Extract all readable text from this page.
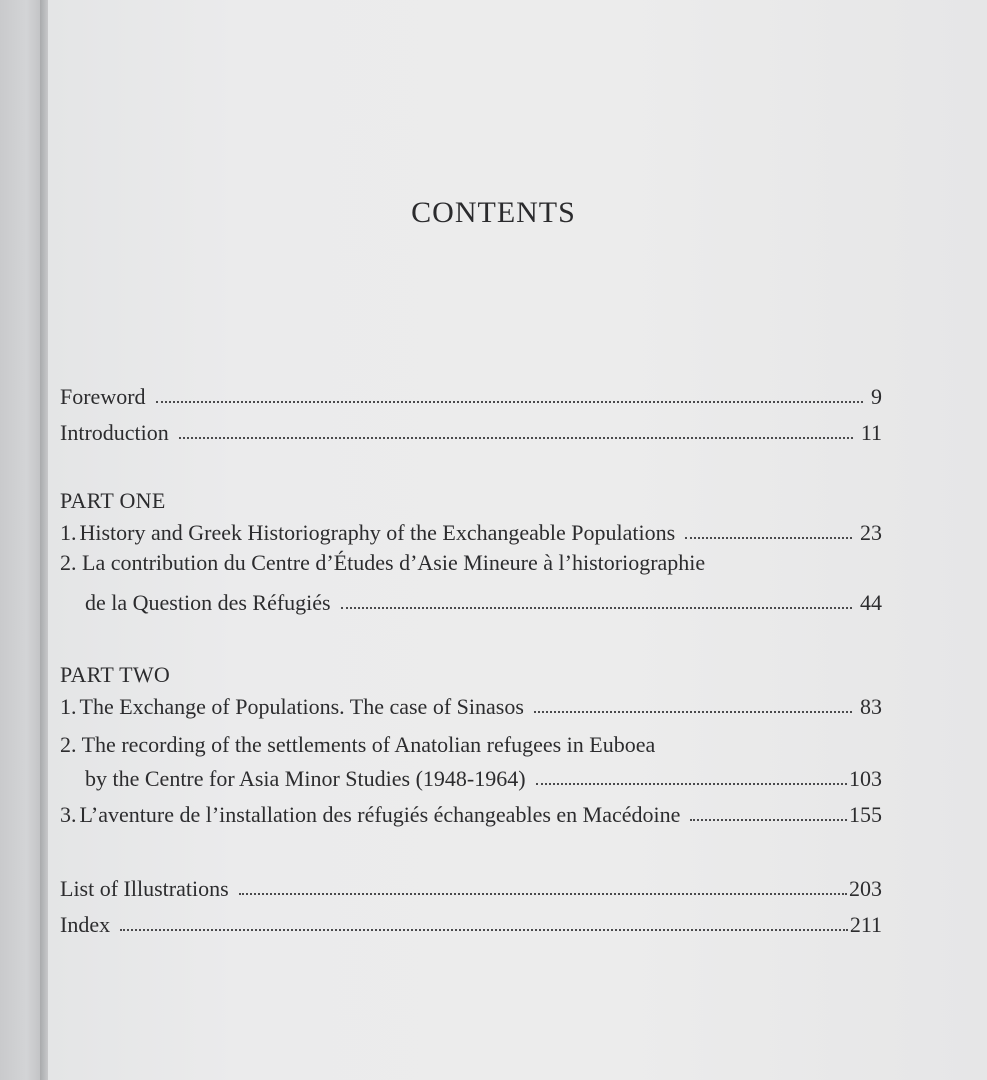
CONTENTS
Foreword	9
Introduction	11
PART ONE
1. History and Greek Historiography of the Exchangeable Populations	23
2. La contribution du Centre d’Études d’Asie Mineure à l’historiographie
de la Question des Réfugiés	44
PART TWO
1. The Exchange of Populations. The case of Sinasos	83
2. The recording of the settlements of Anatolian refugees in Euboea
by the Centre for Asia Minor Studies (1948-1964)	103
3. L’aventure de l’installation des réfugiés échangeables en Macédoine	155
List of Illustrations	203
Index	211
